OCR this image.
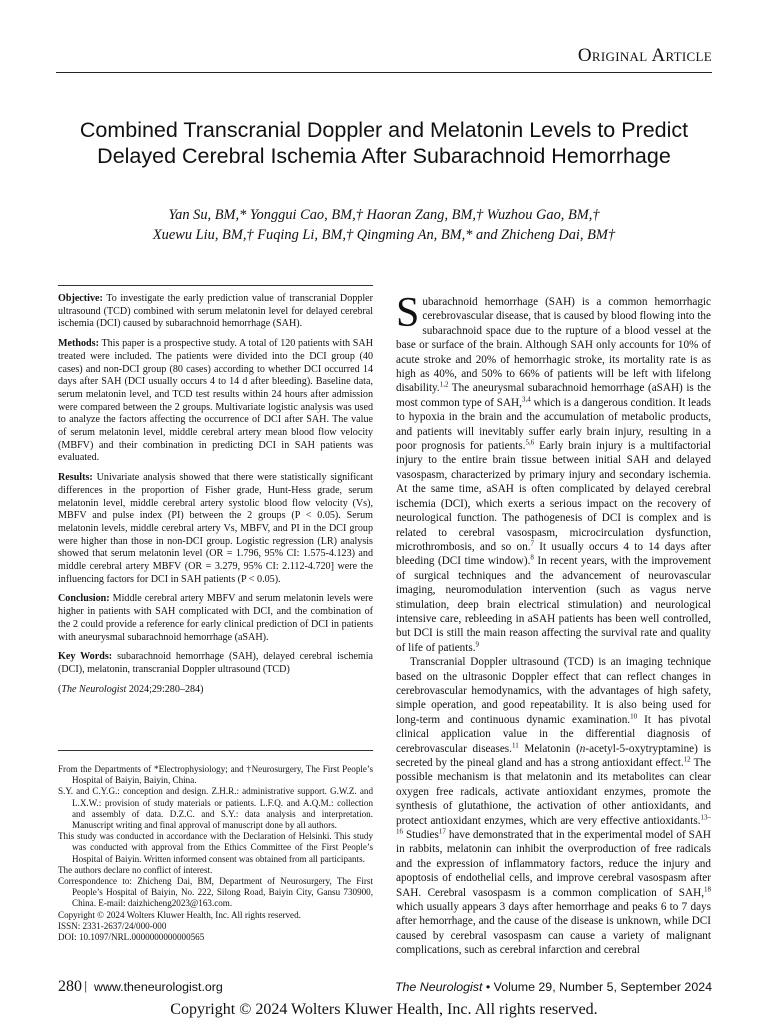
Original Article
Combined Transcranial Doppler and Melatonin Levels to Predict Delayed Cerebral Ischemia After Subarachnoid Hemorrhage
Yan Su, BM,* Yonggui Cao, BM,† Haoran Zang, BM,† Wuzhou Gao, BM,†
Xuewu Liu, BM,† Fuqing Li, BM,† Qingming An, BM,* and Zhicheng Dai, BM†

Objective: To investigate the early prediction value of transcranial Doppler ultrasound (TCD) combined with serum melatonin level for delayed cerebral ischemia (DCI) caused by subarachnoid hemorrhage (SAH).

Methods: This paper is a prospective study. A total of 120 patients with SAH treated were included. The patients were divided into the DCI group (40 cases) and non-DCI group (80 cases) according to whether DCI occurred 14 days after SAH (DCI usually occurs 4 to 14 d after bleeding). Baseline data, serum melatonin level, and TCD test results within 24 hours after admission were compared between the 2 groups. Multivariate logistic analysis was used to analyze the factors affecting the occurrence of DCI after SAH. The value of serum melatonin level, middle cerebral artery mean blood flow velocity (MBFV) and their combination in predicting DCI in SAH patients was evaluated.

Results: Univariate analysis showed that there were statistically significant differences in the proportion of Fisher grade, Hunt-Hess grade, serum melatonin level, middle cerebral artery systolic blood flow velocity (Vs), MBFV and pulse index (PI) between the 2 groups (P < 0.05). Serum melatonin levels, middle cerebral artery Vs, MBFV, and PI in the DCI group were higher than those in non-DCI group. Logistic regression (LR) analysis showed that serum melatonin level (OR = 1.796, 95% CI: 1.575-4.123) and middle cerebral artery MBFV (OR = 3.279, 95% CI: 2.112-4.720] were the influencing factors for DCI in SAH patients (P < 0.05).

Conclusion: Middle cerebral artery MBFV and serum melatonin levels were higher in patients with SAH complicated with DCI, and the combination of the 2 could provide a reference for early clinical prediction of DCI in patients with aneurysmal subarachnoid hemorrhage (aSAH).

Key Words: subarachnoid hemorrhage (SAH), delayed cerebral ischemia (DCI), melatonin, transcranial Doppler ultrasound (TCD)

(The Neurologist 2024;29:280–284)

From the Departments of *Electrophysiology; and †Neurosurgery, The First People’s Hospital of Baiyin, Baiyin, China.

S.Y. and C.Y.G.: conception and design. Z.H.R.: administrative support. G.W.Z. and L.X.W.: provision of study materials or patients. L.F.Q. and A.Q.M.: collection and assembly of data. D.Z.C. and S.Y.: data analysis and interpretation. Manuscript writing and final approval of manuscript done by all authors.

This study was conducted in accordance with the Declaration of Helsinki. This study was conducted with approval from the Ethics Committee of the First People’s Hospital of Baiyin. Written informed consent was obtained from all participants.

The authors declare no conflict of interest.

Correspondence to: Zhicheng Dai, BM, Department of Neurosurgery, The First People’s Hospital of Baiyin, No. 222, Silong Road, Baiyin City, Gansu 730900, China. E-mail: daizhicheng2023@163.com.

Copyright © 2024 Wolters Kluwer Health, Inc. All rights reserved.

ISSN: 2331-2637/24/000-000

DOI: 10.1097/NRL.0000000000000565

Subarachnoid hemorrhage (SAH) is a common hemorrhagic cerebrovascular disease, that is caused by blood flowing into the subarachnoid space due to the rupture of a blood vessel at the base or surface of the brain. Although SAH only accounts for 10% of acute stroke and 20% of hemorrhagic stroke, its mortality rate is as high as 40%, and 50% to 66% of patients will be left with lifelong disability.$^{1,2}$ The aneurysmal subarachnoid hemorrhage (aSAH) is the most common type of SAH,$^{3,4}$ which is a dangerous condition. It leads to hypoxia in the brain and the accumulation of metabolic products, and patients will inevitably suffer early brain injury, resulting in a poor prognosis for patients.$^{5,6}$ Early brain injury is a multifactorial injury to the entire brain tissue between initial SAH and delayed vasospasm, characterized by primary injury and secondary ischemia. At the same time, aSAH is often complicated by delayed cerebral ischemia (DCI), which exerts a serious impact on the recovery of neurological function. The pathogenesis of DCI is complex and is related to cerebral vasospasm, microcirculation dysfunction, microthrombosis, and so on.$^7$ It usually occurs 4 to 14 days after bleeding (DCI time window).$^8$ In recent years, with the improvement of surgical techniques and the advancement of neurovascular imaging, neuromodulation intervention (such as vagus nerve stimulation, deep brain electrical stimulation) and neurological intensive care, rebleeding in aSAH patients has been well controlled, but DCI is still the main reason affecting the survival rate and quality of life of patients.$^9$

Transcranial Doppler ultrasound (TCD) is an imaging technique based on the ultrasonic Doppler effect that can reflect changes in cerebrovascular hemodynamics, with the advantages of high safety, simple operation, and good repeatability. It is also being used for long-term and continuous dynamic examination.$^{10}$ It has pivotal clinical application value in the differential diagnosis of cerebrovascular diseases.$^{11}$ Melatonin (n-acetyl-5-oxytryptamine) is secreted by the pineal gland and has a strong antioxidant effect.$^{12}$ The possible mechanism is that melatonin and its metabolites can clear oxygen free radicals, activate antioxidant enzymes, promote the synthesis of glutathione, the activation of other antioxidants, and protect antioxidant enzymes, which are very effective antioxidants.$^{13-16}$ Studies$^{17}$ have demonstrated that in the experimental model of SAH in rabbits, melatonin can inhibit the overproduction of free radicals and the expression of inflammatory factors, reduce the injury and apoptosis of endothelial cells, and improve cerebral vasospasm after SAH. Cerebral vasospasm is a common complication of SAH,$^{18}$ which usually appears 3 days after hemorrhage and peaks 6 to 7 days after hemorrhage, and the cause of the disease is unknown, while DCI caused by cerebral vasospasm can cause a variety of malignant complications, such as cerebral infarction and cerebral

280 | www.theneurologist.org	The Neurologist • Volume 29, Number 5, September 2024
Copyright © 2024 Wolters Kluwer Health, Inc. All rights reserved.
